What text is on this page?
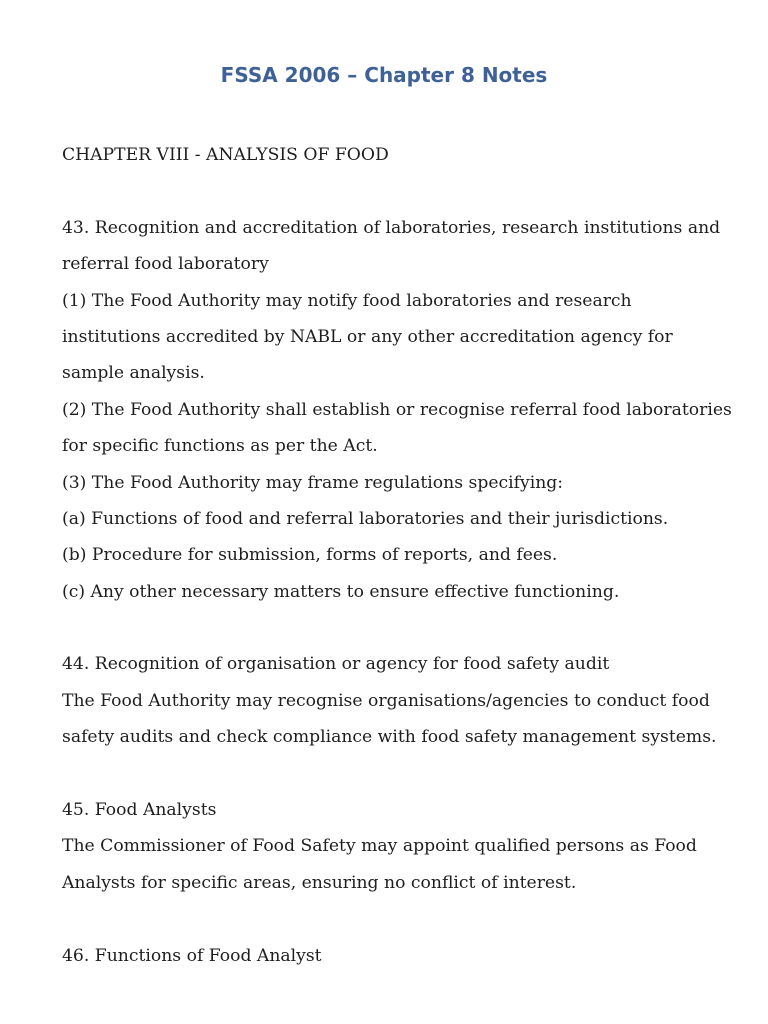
FSSA 2006 – Chapter 8 Notes
CHAPTER VIII - ANALYSIS OF FOOD
43. Recognition and accreditation of laboratories, research institutions and
referral food laboratory
(1) The Food Authority may notify food laboratories and research
institutions accredited by NABL or any other accreditation agency for
sample analysis.
(2) The Food Authority shall establish or recognise referral food laboratories
for specific functions as per the Act.
(3) The Food Authority may frame regulations specifying:
(a) Functions of food and referral laboratories and their jurisdictions.
(b) Procedure for submission, forms of reports, and fees.
(c) Any other necessary matters to ensure effective functioning.
44. Recognition of organisation or agency for food safety audit
The Food Authority may recognise organisations/agencies to conduct food
safety audits and check compliance with food safety management systems.
45. Food Analysts
The Commissioner of Food Safety may appoint qualified persons as Food
Analysts for specific areas, ensuring no conflict of interest.
46. Functions of Food Analyst
